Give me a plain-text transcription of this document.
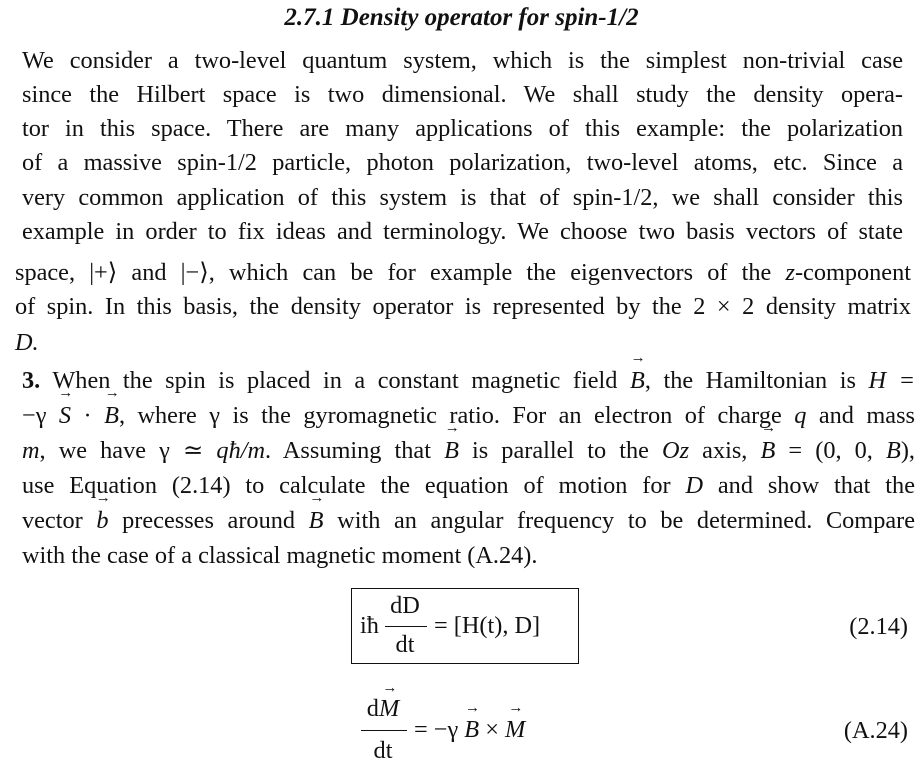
2.7.1 Density operator for spin-1/2
We consider a two-level quantum system, which is the simplest non-trivial case
since the Hilbert space is two dimensional. We shall study the density opera-
tor in this space. There are many applications of this example: the polarization
of a massive spin-1/2 particle, photon polarization, two-level atoms, etc. Since a
very common application of this system is that of spin-1/2, we shall consider this
example in order to fix ideas and terminology. We choose two basis vectors of state
space, |+⟩ and |−⟩, which can be for example the eigenvectors of the z-component
of spin. In this basis, the density operator is represented by the 2 × 2 density matrix
D.
3. When the spin is placed in a constant magnetic field → B, the Hamiltonian is H =
−γ → S · → B, where γ is the gyromagnetic ratio. For an electron of charge q and mass
m, we have γ ≃ qħ/m. Assuming that → B is parallel to the Oz axis, → B = (0, 0, B),
use Equation (2.14) to calculate the equation of motion for D and show that the
vector → b precesses around → B with an angular frequency to be determined. Compare
with the case of a classical magnetic moment (A.24).
iħ
dD
dt
= [H(t), D]	(2.14)
d→ M
dt
= −γ → B × → M	(A.24)
